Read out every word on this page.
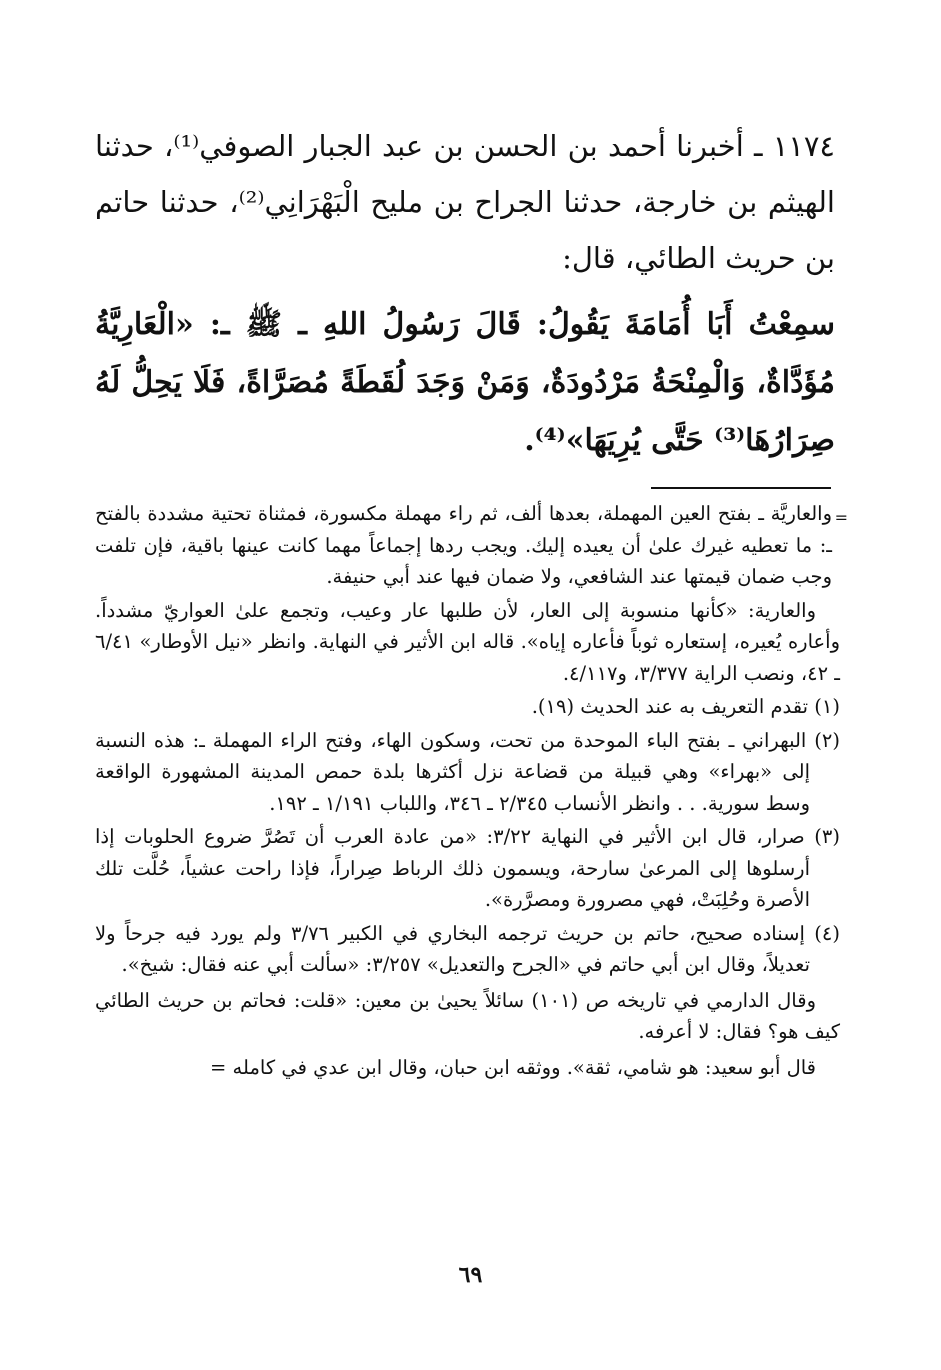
١١٧٤ ـ أخبرنا أحمد بن الحسن بن عبد الجبار الصوفي⁽¹⁾، حدثنا الهيثم بن خارجة، حدثنا الجراح بن مليح الْبَهْرَانِي⁽²⁾، حدثنا حاتم بن حريث الطائي، قال:

سمِعْتُ أَبَا أُمَامَةَ يَقُولُ: قَالَ رَسُولُ اللهِ ـ ﷺ ـ: «الْعَارِيَّةُ مُؤَدَّاةٌ، وَالْمِنْحَةُ مَرْدُودَةٌ، وَمَنْ وَجَدَ لُقَطَةً مُصَرَّاةً، فَلَا يَحِلُّ لَهُ صِرَارُهَا⁽³⁾ حَتَّى يُرِيَهَا»⁽⁴⁾.

=

والعاريَّة ـ بفتح العين المهملة، بعدها ألف، ثم راء مهملة مكسورة، فمثناة تحتية مشددة بالفتح ـ: ما تعطيه غيرك علىٰ أن يعيده إليك. ويجب ردها إجماعاً مهما كانت عينها باقية، فإن تلفت وجب ضمان قيمتها عند الشافعي، ولا ضمان فيها عند أبي حنيفة.

والعارية: «كأنها منسوبة إلى العار، لأن طلبها عار وعيب، وتجمع علىٰ العواريّ مشدداً. وأعاره يُعيره، إستعاره ثوباً فأعاره إياه». قاله ابن الأثير في النهاية. وانظر «نيل الأوطار» ٦/٤١ ـ ٤٢، ونصب الراية ٣/٣٧٧، و٤/١١٧.

(١) تقدم التعريف به عند الحديث (١٩).

(٢) البهراني ـ بفتح الباء الموحدة من تحت، وسكون الهاء، وفتح الراء المهملة ـ: هذه النسبة إلى «بهراء» وهي قبيلة من قضاعة نزل أكثرها بلدة حمص المدينة المشهورة الواقعة وسط سورية. . . وانظر الأنساب ٢/٣٤٥ ـ ٣٤٦، واللباب ١/١٩١ ـ ١٩٢.

(٣) صرار، قال ابن الأثير في النهاية ٣/٢٢: «من عادة العرب أن تَصُرَّ ضروع الحلوبات إذا أرسلوها إلى المرعىٰ سارحة، ويسمون ذلك الرباط صِراراً، فإذا راحت عشياً، حُلَّت تلك الأصرة وحُلِبَتْ، فهي مصرورة ومصرَّرة».

(٤) إسناده صحيح، حاتم بن حريث ترجمه البخاري في الكبير ٣/٧٦ ولم يورد فيه جرحاً ولا تعديلاً، وقال ابن أبي حاتم في «الجرح والتعديل» ٣/٢٥٧: «سألت أبي عنه فقال: شيخ».

وقال الدارمي في تاريخه ص (١٠١) سائلاً يحيىٰ بن معين: «قلت: فحاتم بن حريث الطائي كيف هو؟ فقال: لا أعرفه.

قال أبو سعيد: هو شامي، ثقة». ووثقه ابن حبان، وقال ابن عدي في كامله =

٦٩
